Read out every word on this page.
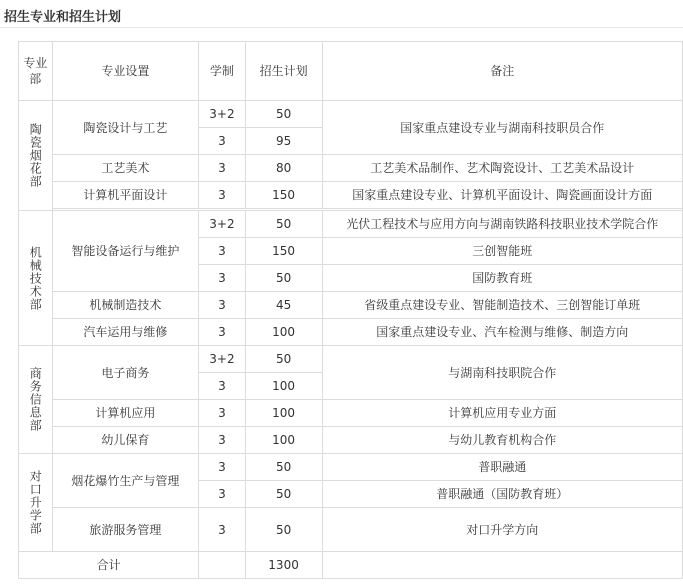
招生专业和招生计划
专业部	专业设置	学制	招生计划	备注
陶瓷烟花部	陶瓷设计与工艺	3+2	50	国家重点建设专业与湖南科技职员合作
		3	95	
	工艺美术	3	80	工艺美术品制作、艺术陶瓷设计、工艺美术品设计
	计算机平面设计	3	150	国家重点建设专业、计算机平面设计、陶瓷画面设计方面

机械技术部	智能设备运行与维护	3+2	50	光伏工程技术与应用方向与湖南铁路科技职业技术学院合作
		3	150	三创智能班
		3	50	国防教育班
	机械制造技术	3	45	省级重点建设专业、智能制造技术、三创智能订单班
	汽车运用与维修	3	100	国家重点建设专业、汽车检测与维修、制造方向
商务信息部	电子商务	3+2	50	与湖南科技职院合作
		3	100	
	计算机应用	3	100	计算机应用专业方面
	幼儿保育	3	100	与幼儿教育机构合作
对口升学部	烟花爆竹生产与管理	3	50	普职融通
		3	50	普职融通（国防教育班）
	旅游服务管理	3	50	对口升学方向
合计			1300	
